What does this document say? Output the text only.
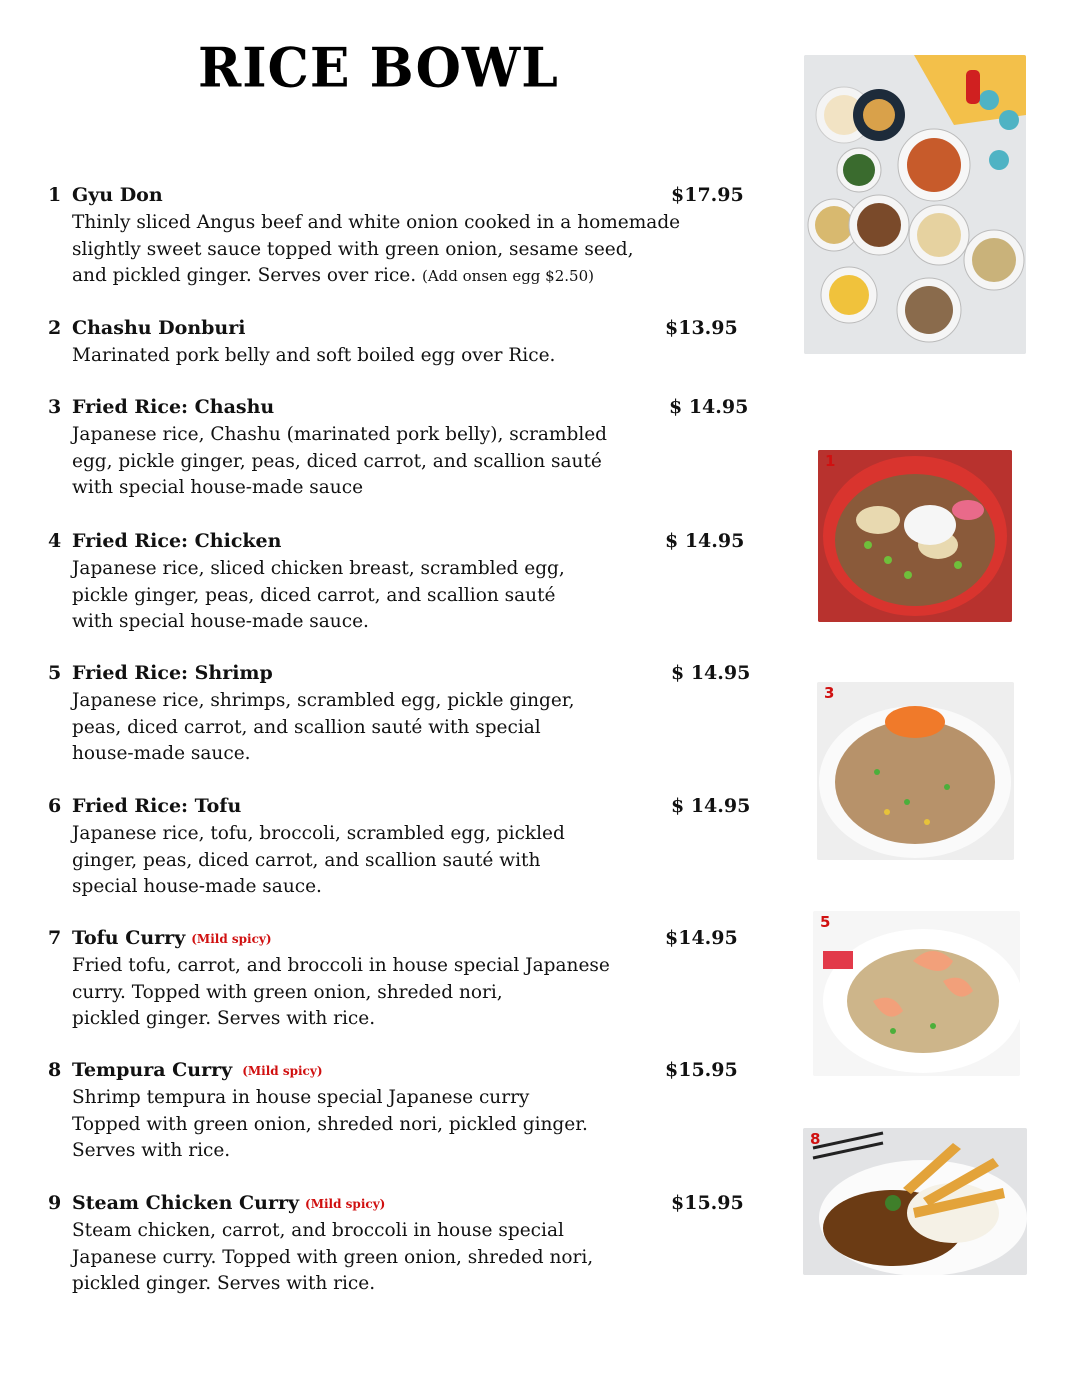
RICE BOWL
1 Gyu Don	$17.95
Thinly sliced Angus beef and white onion cooked in a homemade
slightly sweet sauce topped with green onion, sesame seed,
and pickled ginger. Serves over rice. (Add onsen egg $2.50)
2 Chashu Donburi	$13.95
Marinated pork belly and soft boiled egg over Rice.
3 Fried Rice: Chashu	$ 14.95
Japanese rice, Chashu (marinated pork belly), scrambled
egg, pickle ginger, peas, diced carrot, and scallion sauté
with special house-made sauce
4 Fried Rice: Chicken	$ 14.95
Japanese rice, sliced chicken breast, scrambled egg,
pickle ginger, peas, diced carrot, and scallion sauté
with special house-made sauce.
5 Fried Rice: Shrimp	$ 14.95
Japanese rice, shrimps, scrambled egg, pickle ginger,
peas, diced carrot, and scallion sauté with special
house-made sauce.
6 Fried Rice: Tofu	$ 14.95
Japanese rice, tofu, broccoli, scrambled egg, pickled
ginger, peas, diced carrot, and scallion sauté with
special house-made sauce.
7 Tofu Curry (Mild spicy)	$14.95
Fried tofu, carrot, and broccoli in house special Japanese
curry. Topped with green onion, shreded nori,
pickled ginger. Serves with rice.
8 Tempura Curry (Mild spicy)	$15.95
Shrimp tempura in house special Japanese curry
Topped with green onion, shreded nori, pickled ginger.
Serves with rice.
9 Steam Chicken Curry (Mild spicy)	$15.95
Steam chicken, carrot, and broccoli in house special
Japanese curry. Topped with green onion, shreded nori,
pickled ginger. Serves with rice.
1
3
5
8
